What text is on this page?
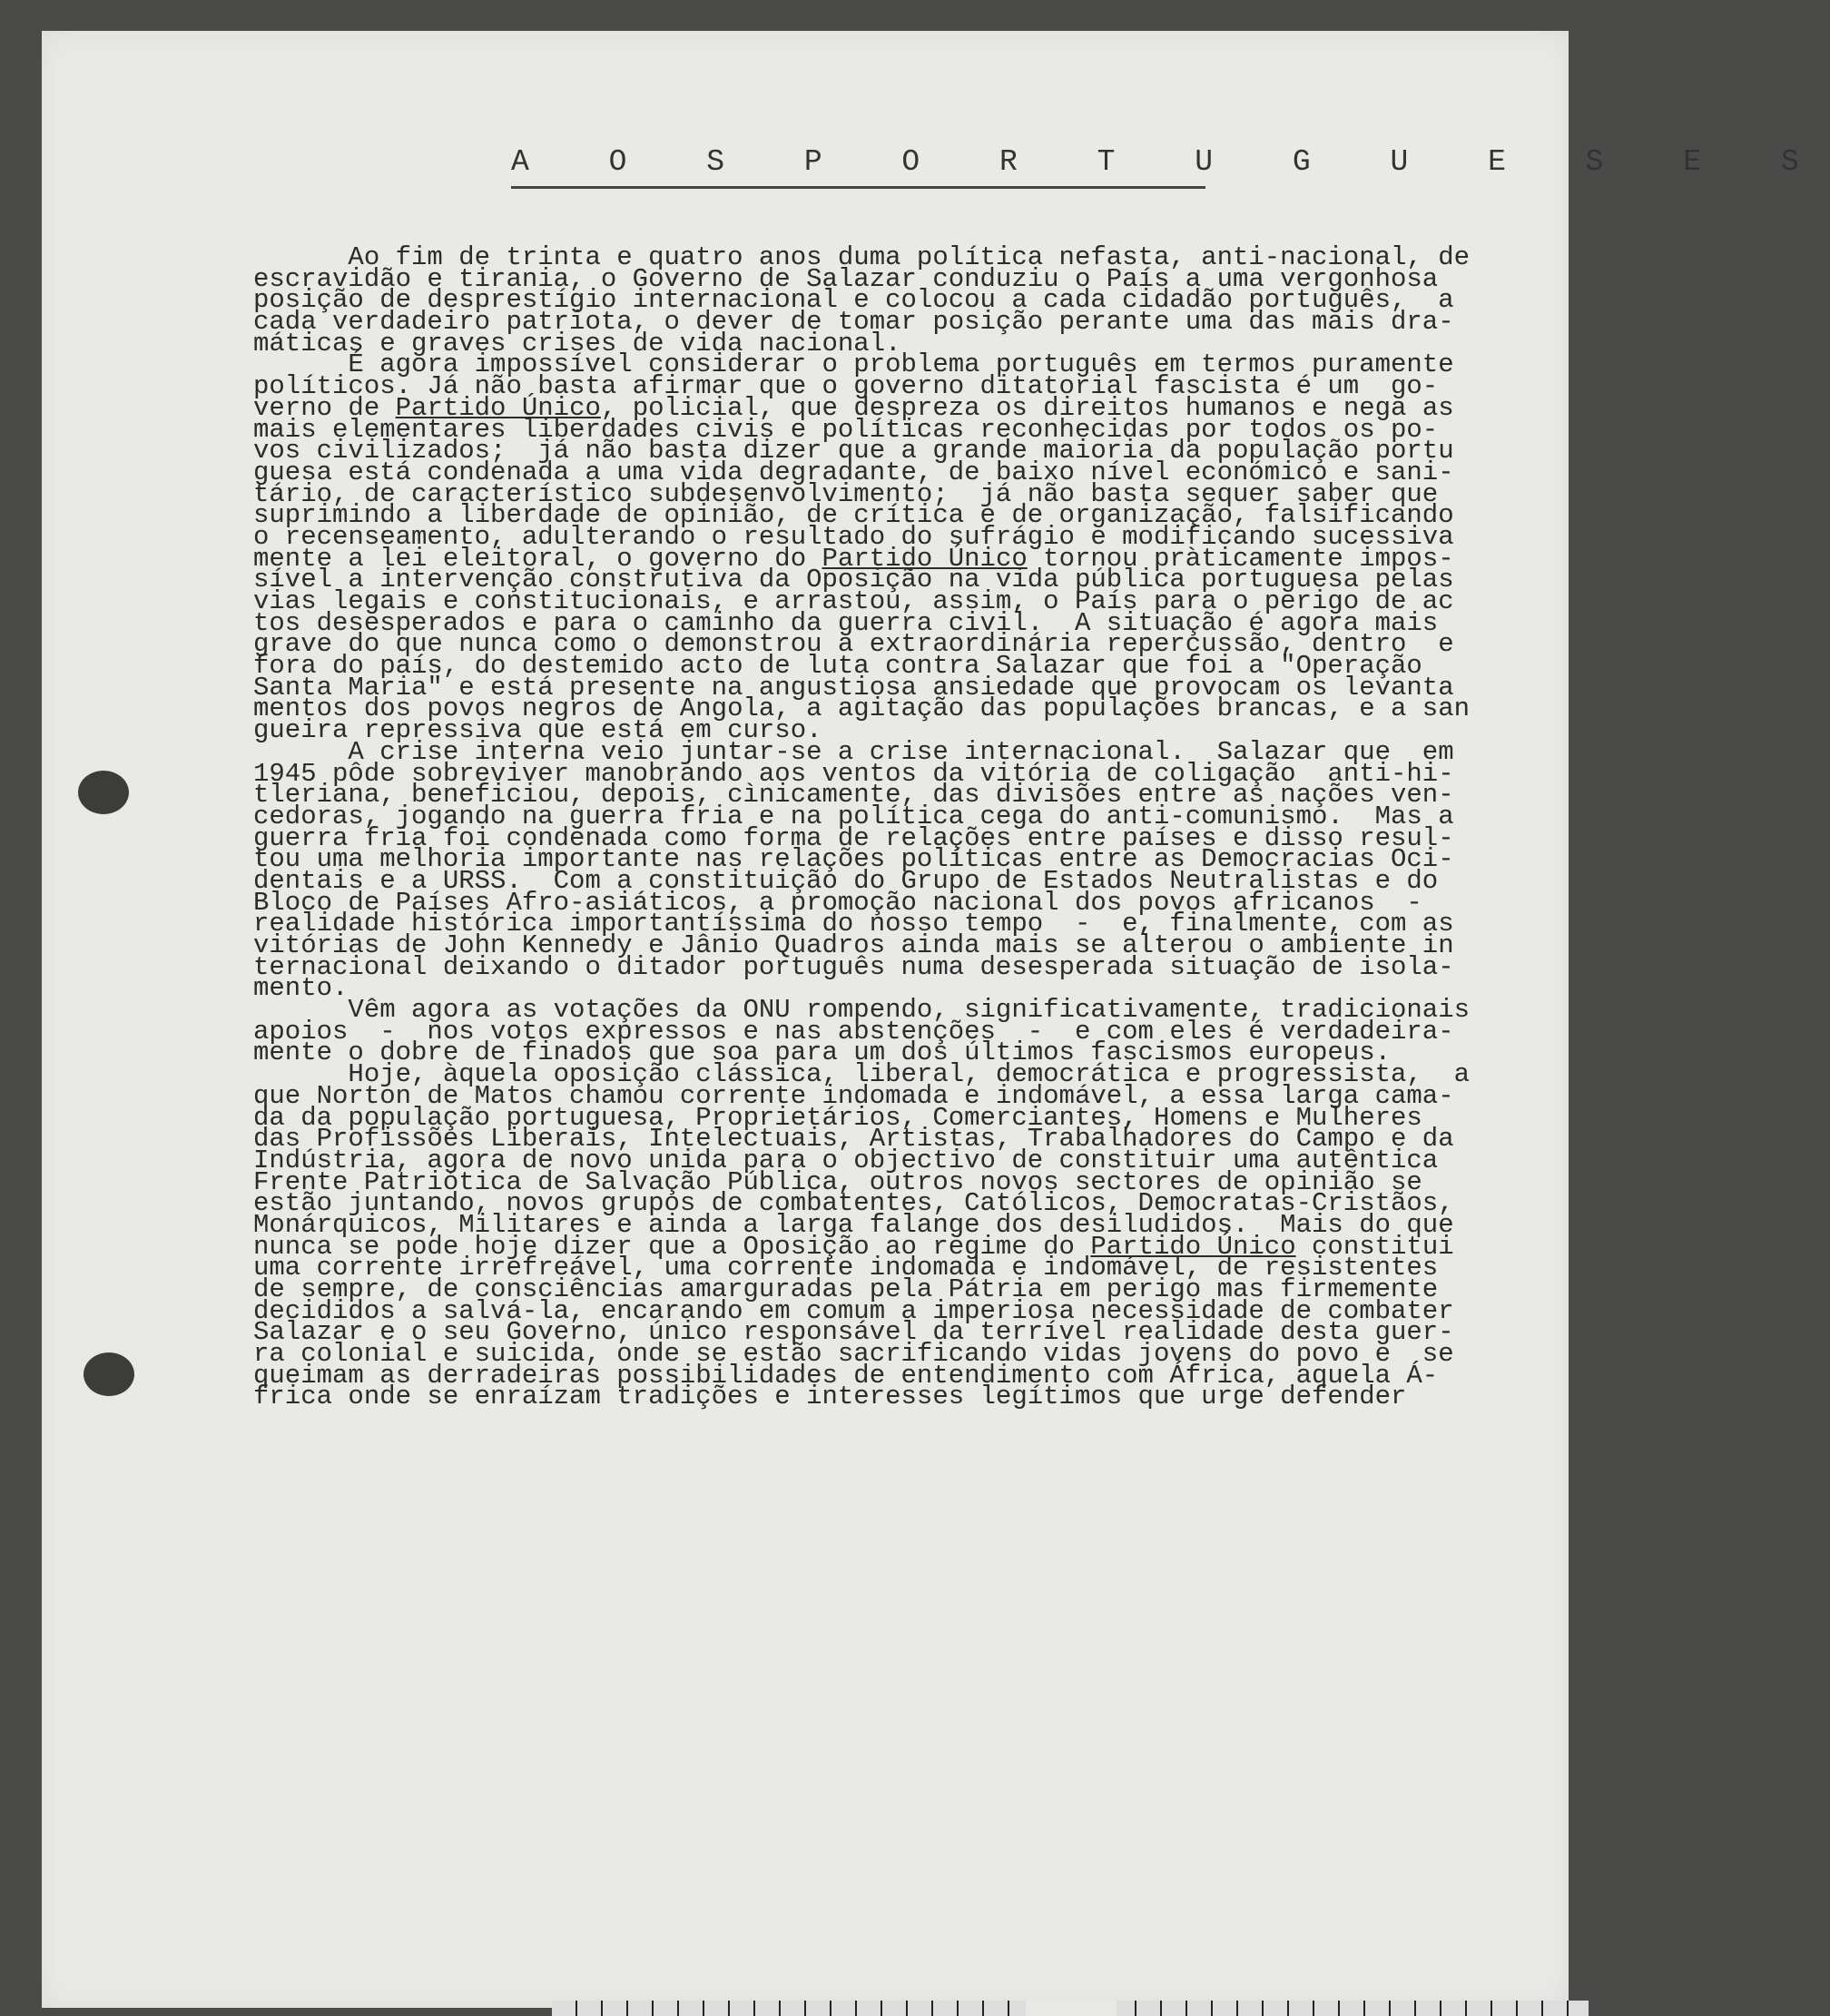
A O S P O R T U G U E S E S
Ao fim de trinta e quatro anos duma política nefasta, anti-nacional, de
escravidão e tirania, o Governo de Salazar conduziu o País a uma vergonhosa
posição de desprestígio internacional e colocou a cada cidadão português,  a
cada verdadeiro patriota, o dever de tomar posição perante uma das mais dra-
máticas e graves crises de vida nacional.
É agora impossível considerar o problema português em termos puramente
políticos. Já não basta afirmar que o governo ditatorial fascista é um  go-
verno de Partido Único, policial, que despreza os direitos humanos e nega as
mais elementares liberdades civis e políticas reconhecidas por todos os po-
vos civilizados;  já não basta dizer que a grande maioria da população portu
guesa está condenada a uma vida degradante, de baixo nível económico e sani-
tário, de característico subdesenvolvimento;  já não basta sequer saber que
suprimindo a liberdade de opinião, de crítica e de organização, falsificando
o recenseamento, adulterando o resultado do sufrágio e modificando sucessiva
mente a lei eleitoral, o governo do Partido Único tornou pràticamente impos-
sível a intervenção construtiva da Oposição na vida pública portuguesa pelas
vias legais e constitucionais, e arrastou, assim, o País para o perigo de ac
tos desesperados e para o caminho da guerra civil.  A situação é agora mais
grave do que nunca como o demonstrou a extraordinária repercussão, dentro  e
fora do país, do destemido acto de luta contra Salazar que foi a "Operação
Santa Maria" e está presente na angustiosa ansiedade que provocam os levanta
mentos dos povos negros de Angola, a agitação das populações brancas, e a san
gueira repressiva que está em curso.
A crise interna veio juntar-se a crise internacional.  Salazar que  em
1945 pôde sobreviver manobrando aos ventos da vitória de coligação  anti-hi-
tleriana, beneficiou, depois, cìnicamente, das divisões entre as nações ven-
cedoras, jogando na guerra fria e na política cega do anti-comunismo.  Mas a
guerra fria foi condenada como forma de relações entre países e disso resul-
tou uma melhoria importante nas relações políticas entre as Democracias Oci-
dentais e a URSS.  Com a constituição do Grupo de Estados Neutralistas e do
Bloco de Países Afro-asiáticos, a promoção nacional dos povos africanos  -
realidade histórica importantíssima do nosso tempo  -  e, finalmente, com as
vitórias de John Kennedy e Jânio Quadros ainda mais se alterou o ambiente in
ternacional deixando o ditador português numa desesperada situação de isola-
mento.
Vêm agora as votações da ONU rompendo, significativamente, tradicionais
apoios  -  nos votos expressos e nas abstenções  -  e com eles é verdadeira-
mente o dobre de finados que soa para um dos últimos fascismos europeus.
Hoje, àquela oposição clássica, liberal, democrática e progressista,  a
que Norton de Matos chamou corrente indomada e indomável, a essa larga cama-
da da população portuguesa, Proprietários, Comerciantes, Homens e Mulheres
das Profissões Liberais, Intelectuais, Artistas, Trabalhadores do Campo e da
Indústria, agora de novo unida para o objectivo de constituir uma autêntica
Frente Patriótica de Salvação Pública, outros novos sectores de opinião se
estão juntando, novos grupos de combatentes, Católicos, Democratas-Cristãos,
Monárquicos, Militares e ainda a larga falange dos desiludidos.  Mais do que
nunca se pode hoje dizer que a Oposição ao regime do Partido Único constitui
uma corrente irrefreável, uma corrente indomada e indomável, de resistentes
de sempre, de consciências amarguradas pela Pátria em perigo mas firmemente
decididos a salvá-la, encarando em comum a imperiosa necessidade de combater
Salazar e o seu Governo, único responsável da terrível realidade desta guer-
ra colonial e suicida, onde se estão sacrificando vidas jovens do povo e  se
queimam as derradeiras possibilidades de entendimento com África, aquela Á-
frica onde se enraízam tradições e interesses legítimos que urge defender
